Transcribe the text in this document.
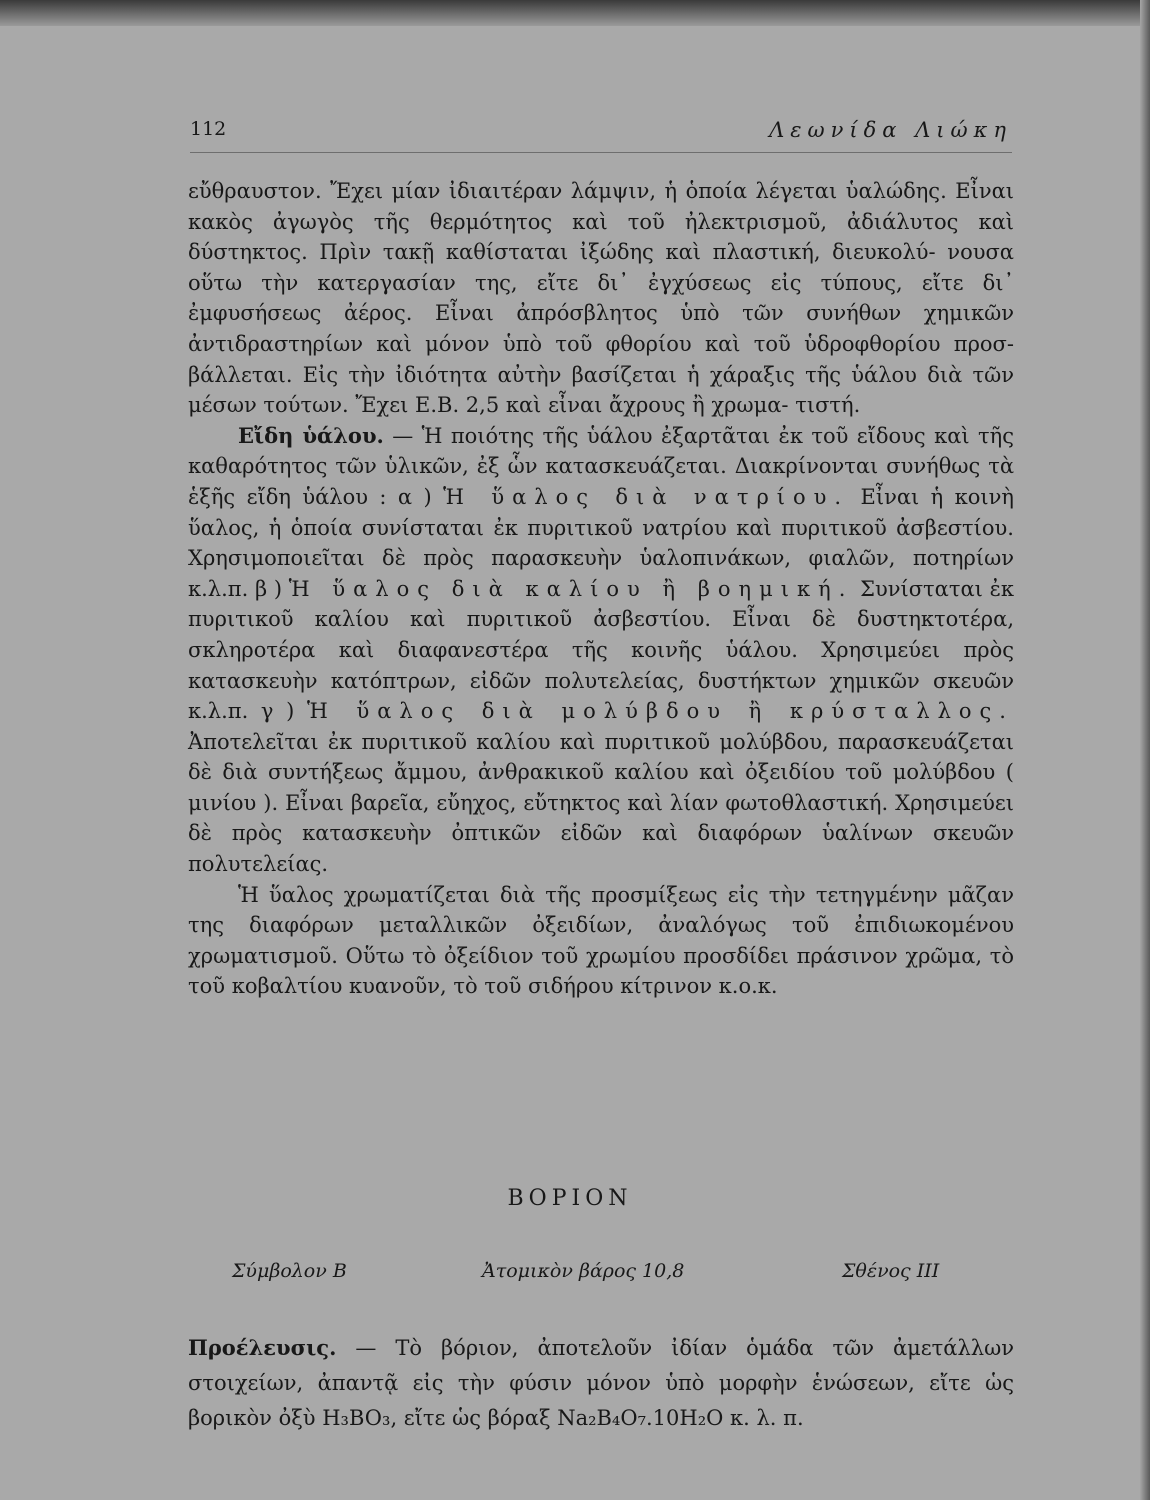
112	Λεωνίδα Λιώκη

εὔθραυστον. Ἔχει μίαν ἰδιαιτέραν λάμψιν, ἡ ὁποία λέγεται ὑαλώδης. Εἶναι κακὸς ἀγωγὸς τῆς θερμότητος καὶ τοῦ ἠλεκτρισμοῦ, ἀδιάλυτος καὶ δύστηκτος. Πρὶν τακῇ καθίσταται ἰξώδης καὶ πλαστική, διευκολύ- νουσα οὕτω τὴν κατεργασίαν της, εἴτε δι᾽ ἐγχύσεως εἰς τύπους, εἴτε δι᾽ ἐμφυσήσεως ἀέρος. Εἶναι ἀπρόσβλητος ὑπὸ τῶν συνήθων χημικῶν ἀντιδραστηρίων καὶ μόνον ὑπὸ τοῦ φθορίου καὶ τοῦ ὑδροφθορίου προσ- βάλλεται. Εἰς τὴν ἰδιότητα αὐτὴν βασίζεται ἡ χάραξις τῆς ὑάλου διὰ τῶν μέσων τούτων. Ἔχει Ε.Β. 2,5 καὶ εἶναι ἄχρους ἢ χρωμα- τιστή.

Εἴδη ὑάλου. — Ἡ ποιότης τῆς ὑάλου ἐξαρτᾶται ἐκ τοῦ εἴδους καὶ τῆς καθαρότητος τῶν ὑλικῶν, ἐξ ὧν κατασκευάζεται. Διακρίνονται συνήθως τὰ ἑξῆς εἴδη ὑάλου : α ) Ἡ ὕαλος διὰ νατρίου. Εἶναι ἡ κοινὴ ὕαλος, ἡ ὁποία συνίσταται ἐκ πυριτικοῦ νατρίου καὶ πυριτικοῦ ἀσβεστίου. Χρησιμοποιεῖται δὲ πρὸς παρασκευὴν ὑαλοπινάκων, φιαλῶν, ποτηρίων κ.λ.π. β ) Ἡ ὕαλος διὰ καλίου ἢ βοημική. Συνίσταται ἐκ πυριτικοῦ καλίου καὶ πυριτικοῦ ἀσβεστίου. Εἶναι δὲ δυστηκτοτέρα, σκληροτέρα καὶ διαφανεστέρα τῆς κοινῆς ὑάλου. Χρησιμεύει πρὸς κατασκευὴν κατόπτρων, εἰδῶν πολυτελείας, δυστήκτων χημικῶν σκευῶν κ.λ.π. γ ) Ἡ ὕαλος διὰ μολύβδου ἢ κρύσταλλος. Ἀποτελεῖται ἐκ πυριτικοῦ καλίου καὶ πυριτικοῦ μολύβδου, παρασκευάζεται δὲ διὰ συντήξεως ἄμμου, ἀνθρακικοῦ καλίου καὶ ὀξειδίου τοῦ μολύβδου ( μινίου ). Εἶναι βαρεῖα, εὔηχος, εὔτηκτος καὶ λίαν φωτοθλαστική. Χρησιμεύει δὲ πρὸς κατασκευὴν ὀπτικῶν εἰδῶν καὶ διαφόρων ὑαλίνων σκευῶν πολυτελείας.

Ἡ ὕαλος χρωματίζεται διὰ τῆς προσμίξεως εἰς τὴν τετηγμένην μᾶζαν της διαφόρων μεταλλικῶν ὀξειδίων, ἀναλόγως τοῦ ἐπιδιωκομένου χρωματισμοῦ. Οὕτω τὸ ὀξείδιον τοῦ χρωμίου προσδίδει πράσινον χρῶμα, τὸ τοῦ κοβαλτίου κυανοῦν, τὸ τοῦ σιδήρου κίτρινον κ.ο.κ.

ΒΟΡΙΟΝ
Σύμβολον Β	Ἀτομικὸν βάρος 10,8	Σθένος ΙΙΙ

Προέλευσις. — Τὸ βόριον, ἀποτελοῦν ἰδίαν ὁμάδα τῶν ἀμετάλλων στοιχείων, ἀπαντᾷ εἰς τὴν φύσιν μόνον ὑπὸ μορφὴν ἑνώσεων, εἴτε ὡς βορικὸν ὀξὺ H₃BO₃, εἴτε ὡς βόραξ Na₂B₄O₇.10H₂O κ. λ. π.
